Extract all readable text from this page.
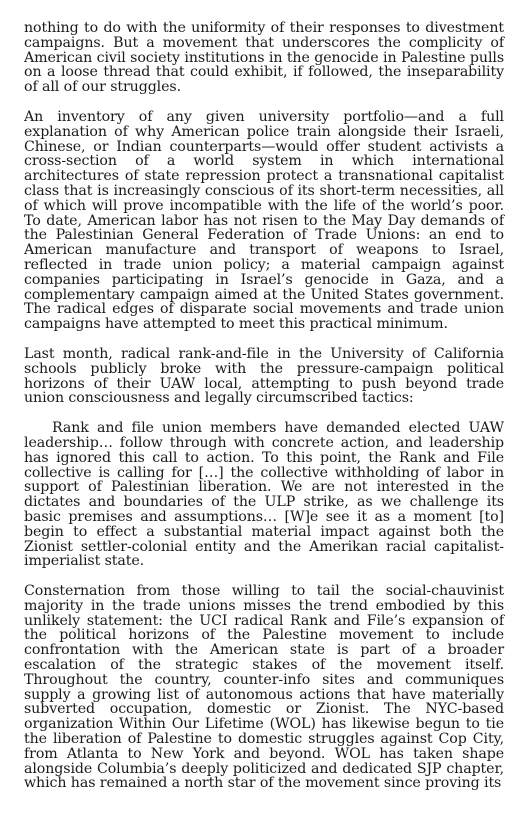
nothing to do with the uniformity of their responses to divestment campaigns. But a movement that underscores the complicity of American civil society institutions in the genocide in Palestine pulls on a loose thread that could exhibit, if followed, the inseparability of all of our struggles.

An inventory of any given university portfolio—and a full explanation of why American police train alongside their Israeli, Chinese, or Indian counterparts—would offer student activists a cross-section of a world system in which international architectures of state repression protect a transnational capitalist class that is increasingly conscious of its short-term necessities, all of which will prove incompatible with the life of the world’s poor. To date, American labor has not risen to the May Day demands of the Palestinian General Federation of Trade Unions: an end to American manufacture and transport of weapons to Israel, reflected in trade union policy; a material campaign against companies participating in Israel’s genocide in Gaza, and a complementary campaign aimed at the United States government. The radical edges of disparate social movements and trade union campaigns have attempted to meet this practical minimum.

Last month, radical rank-and-file in the University of California schools publicly broke with the pressure-campaign political horizons of their UAW local, attempting to push beyond trade union consciousness and legally circumscribed tactics:

Rank and file union members have demanded elected UAW leadership… follow through with concrete action, and leadership has ignored this call to action. To this point, the Rank and File collective is calling for […] the collective withholding of labor in support of Palestinian liberation. We are not interested in the dictates and boundaries of the ULP strike, as we challenge its basic premises and assumptions… [W]e see it as a moment [to] begin to effect a substantial material impact against both the Zionist settler-colonial entity and the Amerikan racial capitalist-imperialist state.

Consternation from those willing to tail the social-chauvinist majority in the trade unions misses the trend embodied by this unlikely statement: the UCI radical Rank and File’s expansion of the political horizons of the Palestine movement to include confrontation with the American state is part of a broader escalation of the strategic stakes of the movement itself. Throughout the country, counter-info sites and communiques supply a growing list of autonomous actions that have materially subverted occupation, domestic or Zionist. The NYC-based organization Within Our Lifetime (WOL) has likewise begun to tie the liberation of Palestine to domestic struggles against Cop City, from Atlanta to New York and beyond. WOL has taken shape alongside Columbia’s deeply politicized and dedicated SJP chapter, which has remained a north star of the movement since proving its
